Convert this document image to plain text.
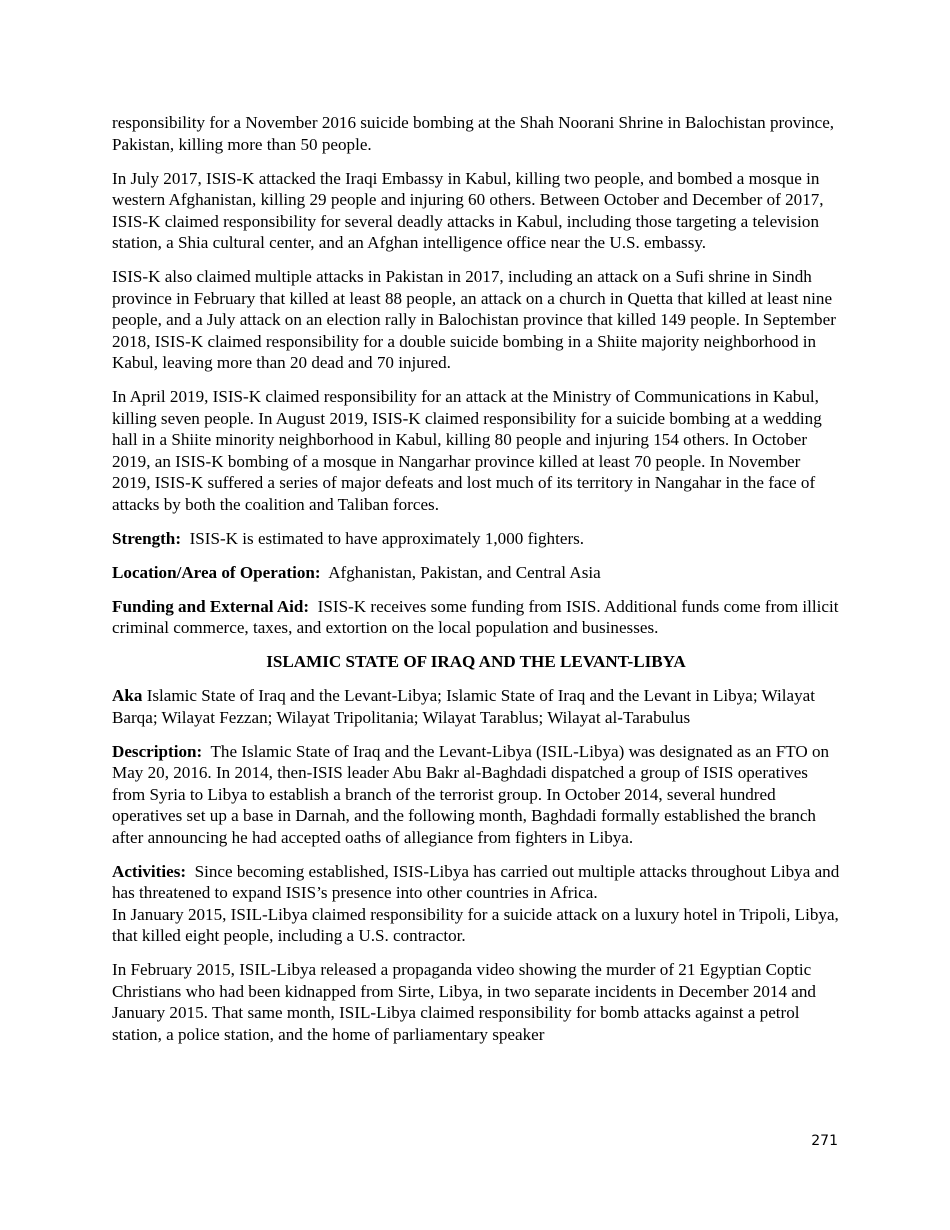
responsibility for a November 2016 suicide bombing at the Shah Noorani Shrine in Balochistan province, Pakistan, killing more than 50 people.

In July 2017, ISIS-K attacked the Iraqi Embassy in Kabul, killing two people, and bombed a mosque in western Afghanistan, killing 29 people and injuring 60 others. Between October and December of 2017, ISIS-K claimed responsibility for several deadly attacks in Kabul, including those targeting a television station, a Shia cultural center, and an Afghan intelligence office near the U.S. embassy.

ISIS-K also claimed multiple attacks in Pakistan in 2017, including an attack on a Sufi shrine in Sindh province in February that killed at least 88 people, an attack on a church in Quetta that killed at least nine people, and a July attack on an election rally in Balochistan province that killed 149 people. In September 2018, ISIS-K claimed responsibility for a double suicide bombing in a Shiite majority neighborhood in Kabul, leaving more than 20 dead and 70 injured.

In April 2019, ISIS-K claimed responsibility for an attack at the Ministry of Communications in Kabul, killing seven people. In August 2019, ISIS-K claimed responsibility for a suicide bombing at a wedding hall in a Shiite minority neighborhood in Kabul, killing 80 people and injuring 154 others. In October 2019, an ISIS-K bombing of a mosque in Nangarhar province killed at least 70 people. In November 2019, ISIS-K suffered a series of major defeats and lost much of its territory in Nangahar in the face of attacks by both the coalition and Taliban forces.

Strength: ISIS-K is estimated to have approximately 1,000 fighters.

Location/Area of Operation: Afghanistan, Pakistan, and Central Asia

Funding and External Aid: ISIS-K receives some funding from ISIS. Additional funds come from illicit criminal commerce, taxes, and extortion on the local population and businesses.

ISLAMIC STATE OF IRAQ AND THE LEVANT-LIBYA

Aka Islamic State of Iraq and the Levant-Libya; Islamic State of Iraq and the Levant in Libya; Wilayat Barqa; Wilayat Fezzan; Wilayat Tripolitania; Wilayat Tarablus; Wilayat al-Tarabulus

Description: The Islamic State of Iraq and the Levant-Libya (ISIL-Libya) was designated as an FTO on May 20, 2016. In 2014, then-ISIS leader Abu Bakr al-Baghdadi dispatched a group of ISIS operatives from Syria to Libya to establish a branch of the terrorist group. In October 2014, several hundred operatives set up a base in Darnah, and the following month, Baghdadi formally established the branch after announcing he had accepted oaths of allegiance from fighters in Libya.

Activities: Since becoming established, ISIS-Libya has carried out multiple attacks throughout Libya and has threatened to expand ISIS’s presence into other countries in Africa.
In January 2015, ISIL-Libya claimed responsibility for a suicide attack on a luxury hotel in Tripoli, Libya, that killed eight people, including a U.S. contractor.

In February 2015, ISIL-Libya released a propaganda video showing the murder of 21 Egyptian Coptic Christians who had been kidnapped from Sirte, Libya, in two separate incidents in December 2014 and January 2015. That same month, ISIL-Libya claimed responsibility for bomb attacks against a petrol station, a police station, and the home of parliamentary speaker

271
